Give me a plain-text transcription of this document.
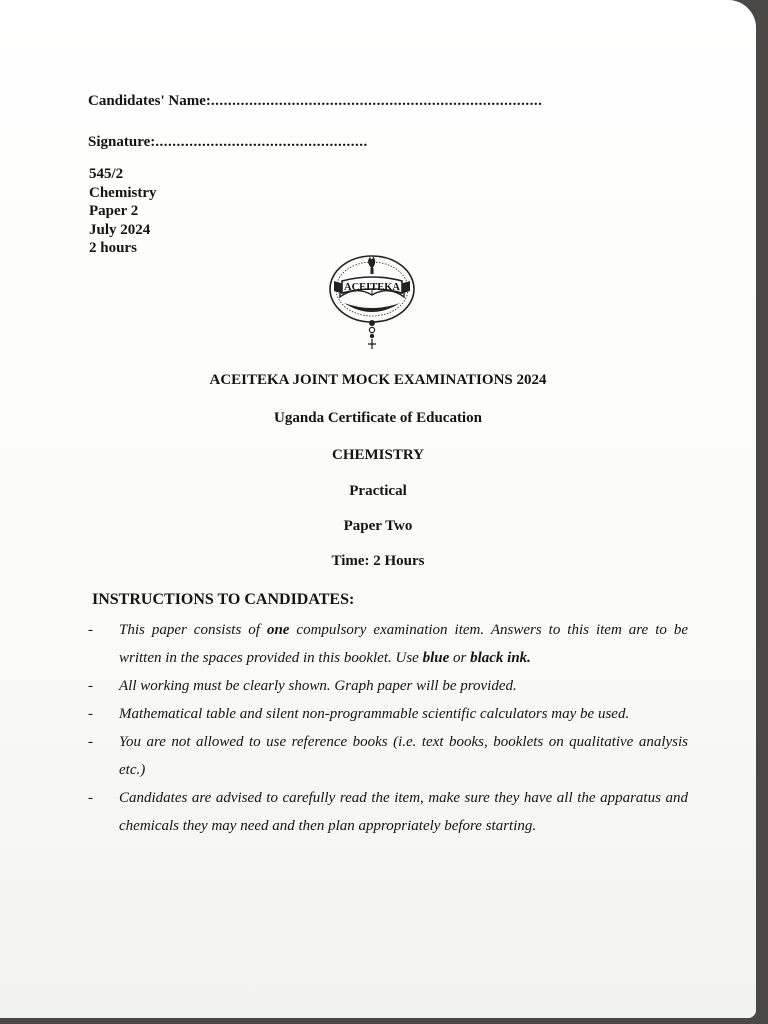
Candidates' Name:..............................................................................
Signature:..................................................
545/2
Chemistry
Paper 2
July 2024
2 hours
ACEITEKA
ACEITEKA JOINT MOCK EXAMINATIONS 2024
Uganda Certificate of Education
CHEMISTRY
Practical
Paper Two
Time: 2 Hours
INSTRUCTIONS TO CANDIDATES:
- This paper consists of one compulsory examination item. Answers to this item are to be written in the spaces provided in this booklet. Use blue or black ink.
- All working must be clearly shown. Graph paper will be provided.
- Mathematical table and silent non-programmable scientific calculators may be used.
- You are not allowed to use reference books (i.e. text books, booklets on qualitative analysis etc.)
- Candidates are advised to carefully read the item, make sure they have all the apparatus and chemicals they may need and then plan appropriately before starting.
